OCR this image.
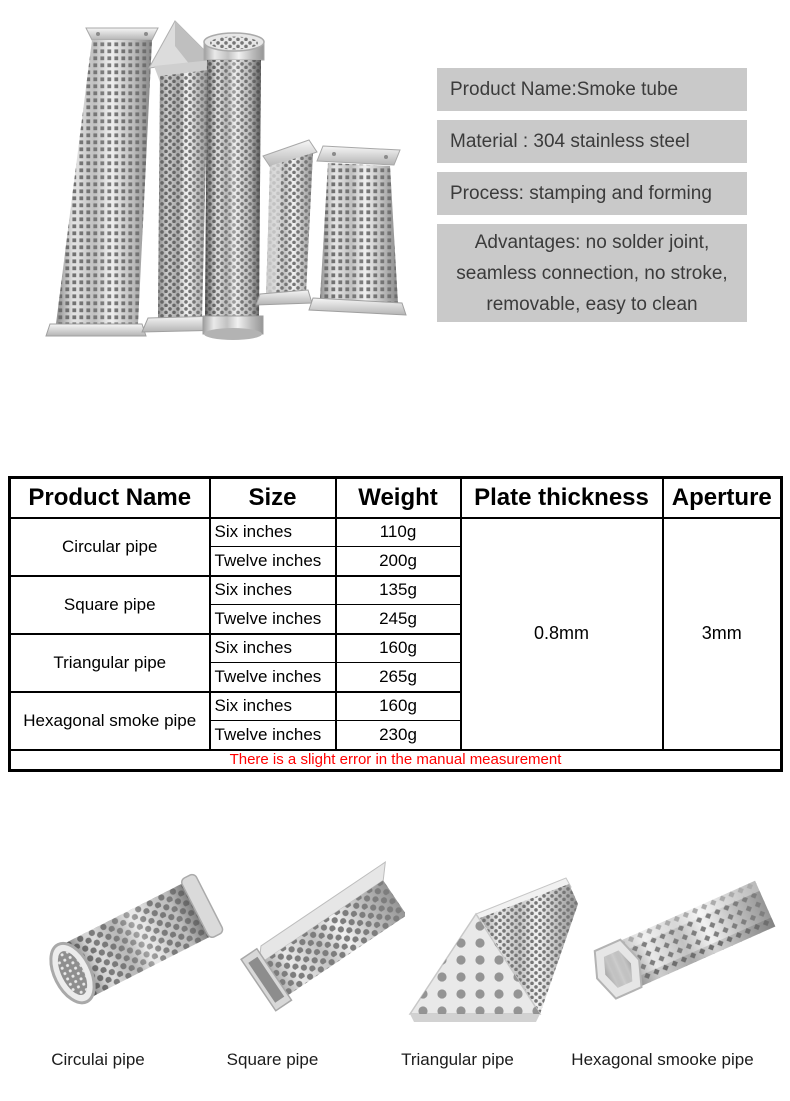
Product Name:Smoke tube
Material : 304 stainless steel
Process: stamping and forming
Advantages: no solder joint,
seamless connection, no stroke,
removable, easy to clean
Product Name	Size	Weight	Plate thickness	Aperture
Circular pipe	Six inches	110g	0.8mm	3mm
	Twelve inches	200g		
Square pipe	Six inches	135g		
	Twelve inches	245g		
Triangular pipe	Six inches	160g		
	Twelve inches	265g		
Hexagonal smoke pipe	Six inches	160g		
	Twelve inches	230g		
There is a slight error in the manual measurement				
Circulai pipe	Square pipe	Triangular pipe	Hexagonal smooke pipe
